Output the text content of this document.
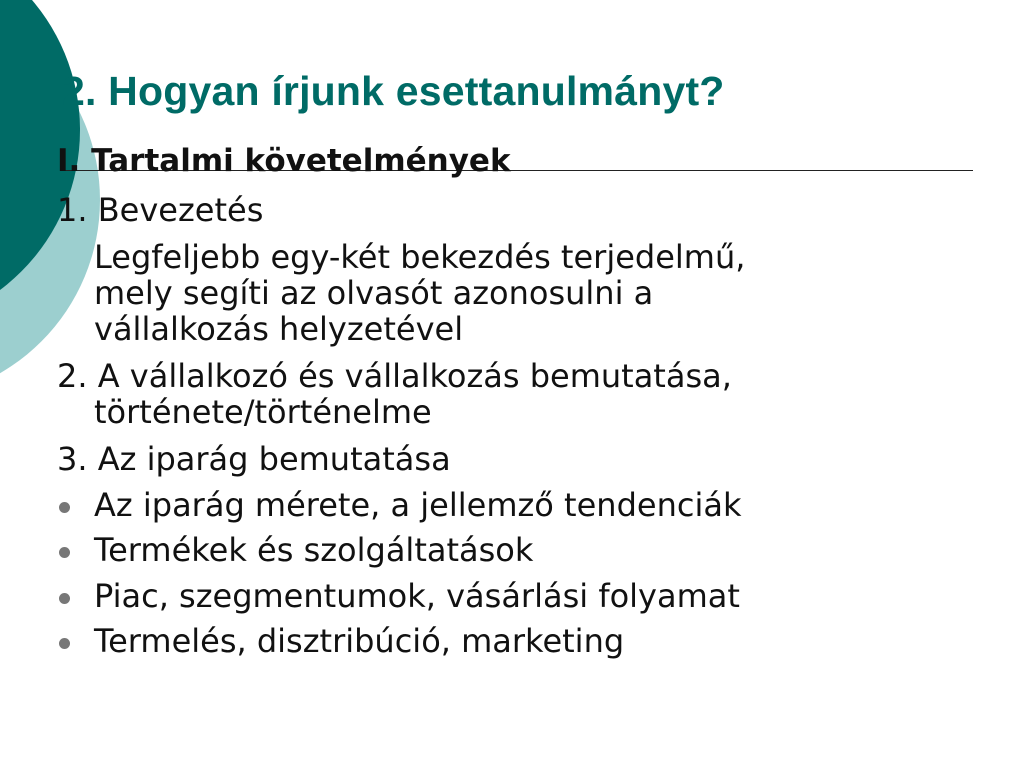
2. Hogyan írjunk esettanulmányt?

I. Tartalmi követelmények

1. Bevezetés

Legfeljebb egy-két bekezdés terjedelmű,

mely segíti az olvasót azonosulni a

vállalkozás helyzetével

2. A vállalkozó és vállalkozás bemutatása,

története/történelme

3. Az iparág bemutatása

Az iparág mérete, a jellemző tendenciák

Termékek és szolgáltatások

Piac, szegmentumok, vásárlási folyamat

Termelés, disztribúció, marketing
